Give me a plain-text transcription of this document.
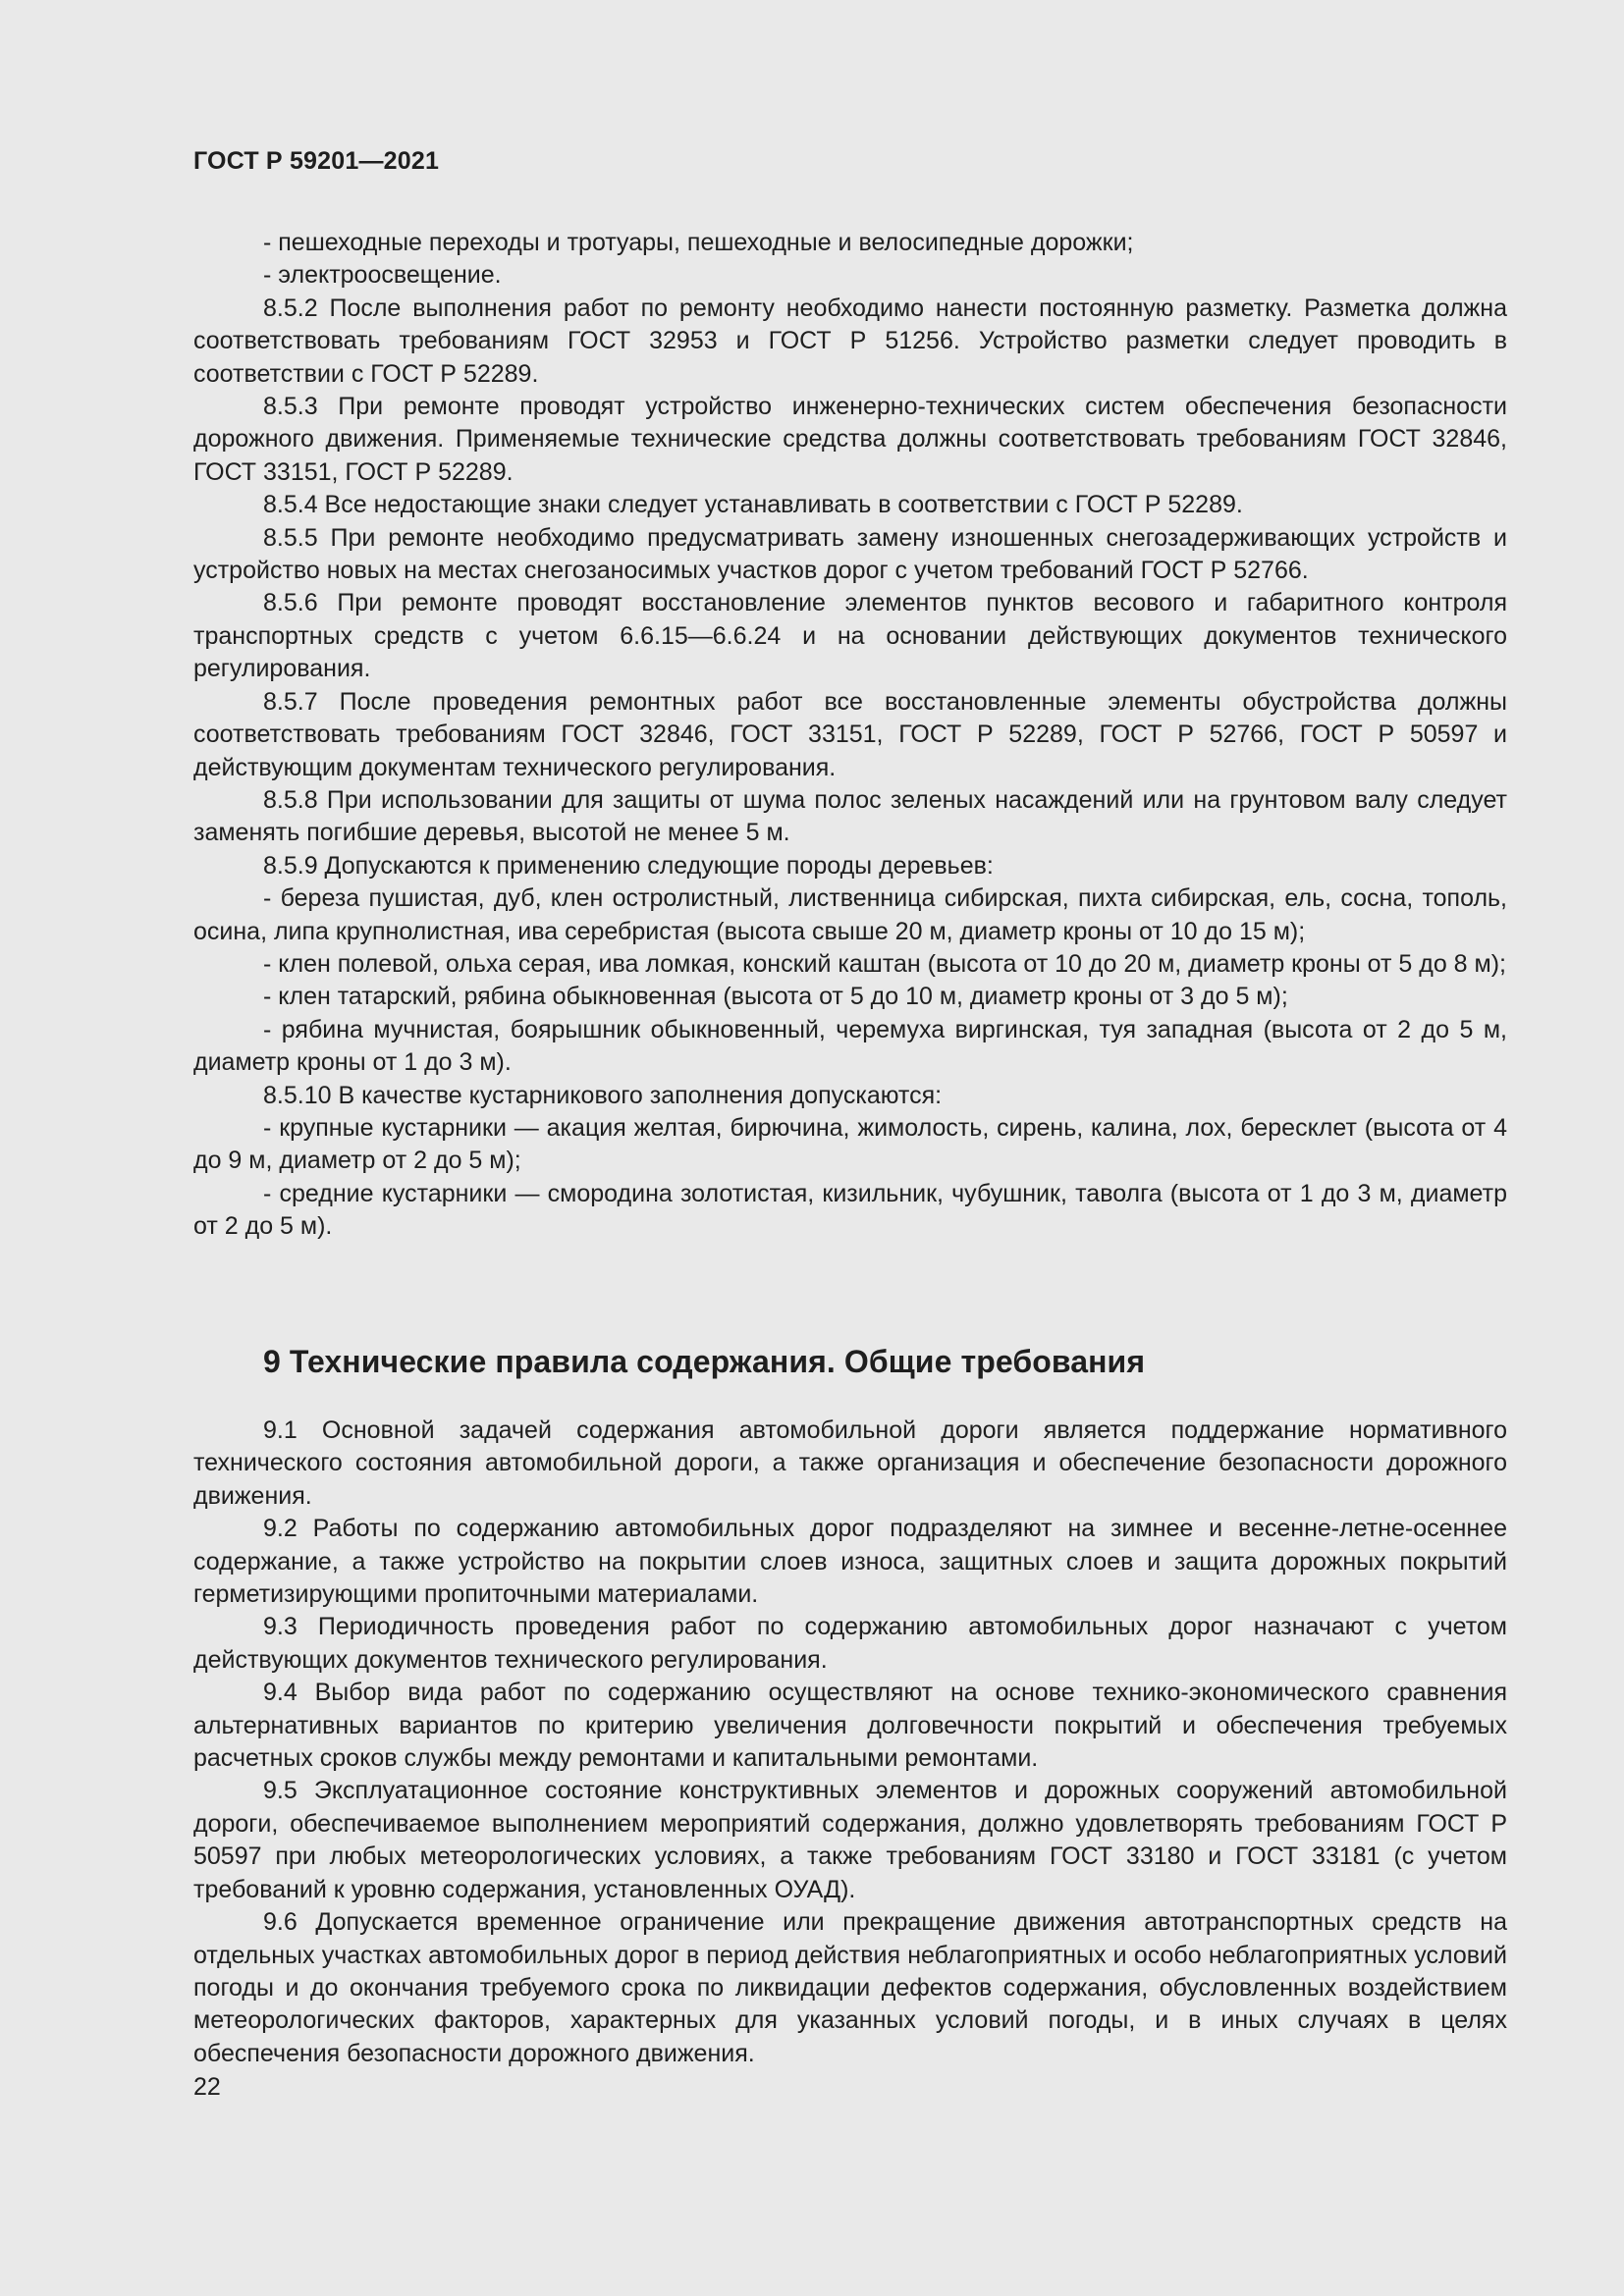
ГОСТ Р 59201—2021

- пешеходные переходы и тротуары, пешеходные и велосипедные дорожки;

- электроосвещение.

8.5.2 После выполнения работ по ремонту необходимо нанести постоянную разметку. Разметка должна соответствовать требованиям ГОСТ 32953 и ГОСТ Р 51256. Устройство разметки следует проводить в соответствии с ГОСТ Р 52289.

8.5.3 При ремонте проводят устройство инженерно-технических систем обеспечения безопасности дорожного движения. Применяемые технические средства должны соответствовать требованиям ГОСТ 32846, ГОСТ 33151, ГОСТ Р 52289.

8.5.4 Все недостающие знаки следует устанавливать в соответствии с ГОСТ Р 52289.

8.5.5 При ремонте необходимо предусматривать замену изношенных снегозадерживающих устройств и устройство новых на местах снегозаносимых участков дорог с учетом требований ГОСТ Р 52766.

8.5.6 При ремонте проводят восстановление элементов пунктов весового и габаритного контроля транспортных средств с учетом 6.6.15—6.6.24 и на основании действующих документов технического регулирования.

8.5.7 После проведения ремонтных работ все восстановленные элементы обустройства должны соответствовать требованиям ГОСТ 32846, ГОСТ 33151, ГОСТ Р 52289, ГОСТ Р 52766, ГОСТ Р 50597 и действующим документам технического регулирования.

8.5.8 При использовании для защиты от шума полос зеленых насаждений или на грунтовом валу следует заменять погибшие деревья, высотой не менее 5 м.

8.5.9 Допускаются к применению следующие породы деревьев:

- береза пушистая, дуб, клен остролистный, лиственница сибирская, пихта сибирская, ель, сосна, тополь, осина, липа крупнолистная, ива серебристая (высота свыше 20 м, диаметр кроны от 10 до 15 м);

- клен полевой, ольха серая, ива ломкая, конский каштан (высота от 10 до 20 м, диаметр кроны от 5 до 8 м);

- клен татарский, рябина обыкновенная (высота от 5 до 10 м, диаметр кроны от 3 до 5 м);

- рябина мучнистая, боярышник обыкновенный, черемуха виргинская, туя западная (высота от 2 до 5 м, диаметр кроны от 1 до 3 м).

8.5.10 В качестве кустарникового заполнения допускаются:

- крупные кустарники — акация желтая, бирючина, жимолость, сирень, калина, лох, бересклет (высота от 4 до 9 м, диаметр от 2 до 5 м);

- средние кустарники — смородина золотистая, кизильник, чубушник, таволга (высота от 1 до 3 м, диаметр от 2 до 5 м).

9 Технические правила содержания. Общие требования

9.1 Основной задачей содержания автомобильной дороги является поддержание нормативного технического состояния автомобильной дороги, а также организация и обеспечение безопасности дорожного движения.

9.2 Работы по содержанию автомобильных дорог подразделяют на зимнее и весенне-летне-осеннее содержание, а также устройство на покрытии слоев износа, защитных слоев и защита дорожных покрытий герметизирующими пропиточными материалами.

9.3 Периодичность проведения работ по содержанию автомобильных дорог назначают с учетом действующих документов технического регулирования.

9.4 Выбор вида работ по содержанию осуществляют на основе технико-экономического сравнения альтернативных вариантов по критерию увеличения долговечности покрытий и обеспечения требуемых расчетных сроков службы между ремонтами и капитальными ремонтами.

9.5 Эксплуатационное состояние конструктивных элементов и дорожных сооружений автомобильной дороги, обеспечиваемое выполнением мероприятий содержания, должно удовлетворять требованиям ГОСТ Р 50597 при любых метеорологических условиях, а также требованиям ГОСТ 33180 и ГОСТ 33181 (с учетом требований к уровню содержания, установленных ОУАД).

9.6 Допускается временное ограничение или прекращение движения автотранспортных средств на отдельных участках автомобильных дорог в период действия неблагоприятных и особо неблагоприятных условий погоды и до окончания требуемого срока по ликвидации дефектов содержания, обусловленных воздействием метеорологических факторов, характерных для указанных условий погоды, и в иных случаях в целях обеспечения безопасности дорожного движения.

22
